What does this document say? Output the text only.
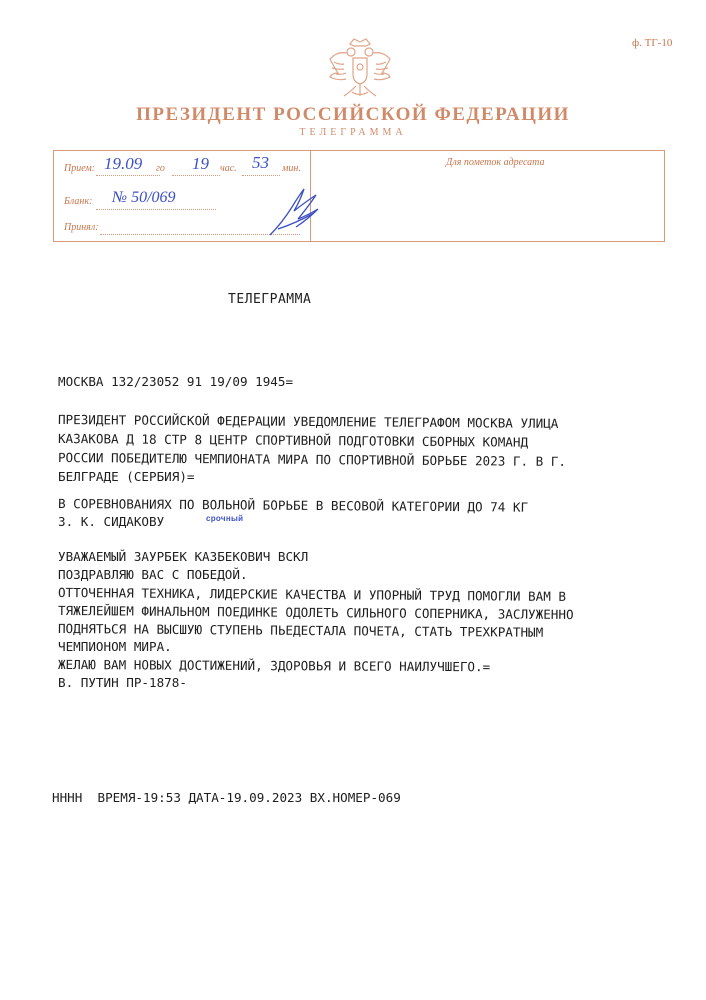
ф. ТГ-10
ПРЕЗИДЕНТ РОССИЙСКОЙ ФЕДЕРАЦИИ
ТЕЛЕГРАММА
Прием: 19.09 го 19 час. 53 мин.
Бланк: № 50/069
Принял:
Для пометок адресата
ТЕЛЕГРАММА
МОСКВА 132/23052 91 19/09 1945=
ПРЕЗИДЕНТ РОССИЙСКОЙ ФЕДЕРАЦИИ УВЕДОМЛЕНИЕ ТЕЛЕГРАФОМ МОСКВА УЛИЦА
КАЗАКОВА Д 18 СТР 8 ЦЕНТР СПОРТИВНОЙ ПОДГОТОВКИ СБОРНЫХ КОМАНД
РОССИИ ПОБЕДИТЕЛЮ ЧЕМПИОНАТА МИРА ПО СПОРТИВНОЙ БОРЬБЕ 2023 Г. В Г.
БЕЛГРАДЕ (СЕРБИЯ)=
В СОРЕВНОВАНИЯХ ПО ВОЛЬНОЙ БОРЬБЕ В ВЕСОВОЙ КАТЕГОРИИ ДО 74 КГ
З. К. СИДАКОВУ	срочный
УВАЖАЕМЫЙ ЗАУРБЕК КАЗБЕКОВИЧ ВСКЛ
ПОЗДРАВЛЯЮ ВАС С ПОБЕДОЙ.
ОТТОЧЕННАЯ ТЕХНИКА, ЛИДЕРСКИЕ КАЧЕСТВА И УПОРНЫЙ ТРУД ПОМОГЛИ ВАМ В
ТЯЖЕЛЕЙШЕМ ФИНАЛЬНОМ ПОЕДИНКЕ ОДОЛЕТЬ СИЛЬНОГО СОПЕРНИКА, ЗАСЛУЖЕННО
ПОДНЯТЬСЯ НА ВЫСШУЮ СТУПЕНЬ ПЬЕДЕСТАЛА ПОЧЕТА, СТАТЬ ТРЕХКРАТНЫМ
ЧЕМПИОНОМ МИРА.
ЖЕЛАЮ ВАМ НОВЫХ ДОСТИЖЕНИЙ, ЗДОРОВЬЯ И ВСЕГО НАИЛУЧШЕГО.=
В. ПУТИН ПР-1878-
НННН  ВРЕМЯ-19:53 ДАТА-19.09.2023 ВХ.НОМЕР-069
